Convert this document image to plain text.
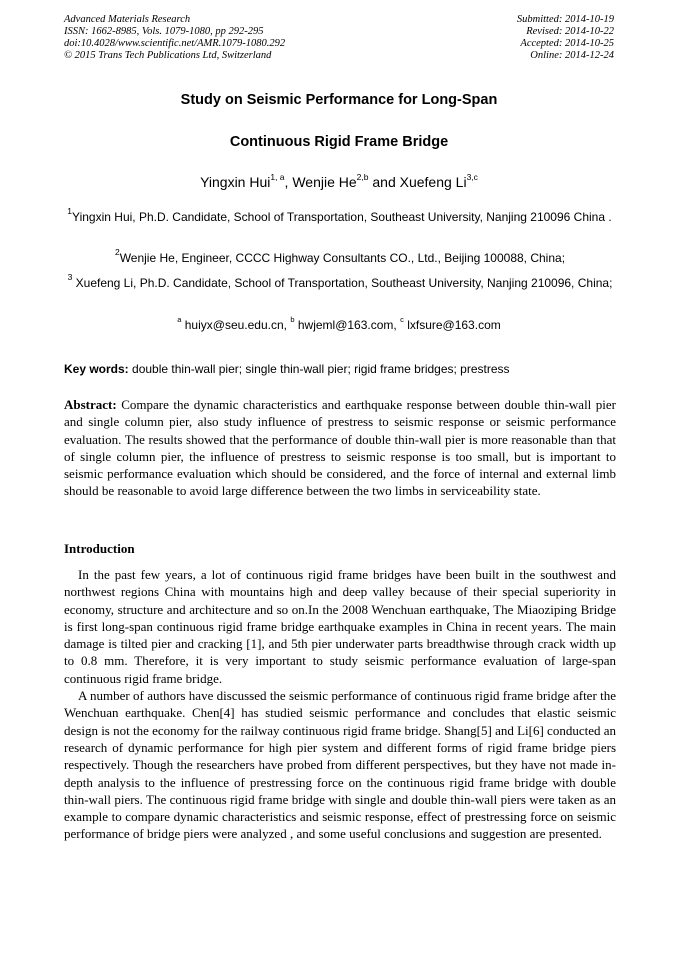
Advanced Materials Research
ISSN: 1662-8985, Vols. 1079-1080, pp 292-295
doi:10.4028/www.scientific.net/AMR.1079-1080.292
© 2015 Trans Tech Publications Ltd, Switzerland
Submitted: 2014-10-19
Revised: 2014-10-22
Accepted: 2014-10-25
Online: 2014-12-24
Study on Seismic Performance for Long-Span
Continuous Rigid Frame Bridge
Yingxin Hui$^{1, a}$, Wenjie He$^{2,b}$ and Xuefeng Li$^{3,c}$
$^1$Yingxin Hui, Ph.D. Candidate, School of Transportation, Southeast University, Nanjing 210096 China .
$^2$Wenjie He, Engineer, CCCC Highway Consultants CO., Ltd., Beijing 100088, China;
$^3$ Xuefeng Li, Ph.D. Candidate, School of Transportation, Southeast University, Nanjing 210096, China;
$^a$ huiyx@seu.edu.cn, $^b$ hwjeml@163.com, $^c$ lxfsure@163.com
Key words: double thin-wall pier; single thin-wall pier; rigid frame bridges; prestress
Abstract: Compare the dynamic characteristics and earthquake response between double thin-wall pier and single column pier, also study influence of prestress to seismic response or seismic performance evaluation. The results showed that the performance of double thin-wall pier is more reasonable than that of single column pier, the influence of prestress to seismic response is too small, but is important to seismic performance evaluation which should be considered, and the force of internal and external limb should be reasonable to avoid large difference between the two limbs in serviceability state.
Introduction

In the past few years, a lot of continuous rigid frame bridges have been built in the southwest and northwest regions China with mountains high and deep valley because of their special superiority in economy, structure and architecture and so on.In the 2008 Wenchuan earthquake, The Miaoziping Bridge is first long-span continuous rigid frame bridge earthquake examples in China in recent years. The main damage is tilted pier and cracking [1], and 5th pier underwater parts breadthwise through crack width up to 0.8 mm. Therefore, it is very important to study seismic performance evaluation of large-span continuous rigid frame bridge.

A number of authors have discussed the seismic performance of continuous rigid frame bridge after the Wenchuan earthquake. Chen[4] has studied seismic performance and concludes that elastic seismic design is not the economy for the railway continuous rigid frame bridge. Shang[5] and Li[6] conducted an research of dynamic performance for high pier system and different forms of rigid frame bridge piers respectively. Though the researchers have probed from different perspectives, but they have not made in-depth analysis to the influence of prestressing force on the continuous rigid frame bridge with double thin-wall piers. The continuous rigid frame bridge with single and double thin-wall piers were taken as an example to compare dynamic characteristics and seismic response, effect of prestressing force on seismic performance of bridge piers were analyzed , and some useful conclusions and suggestion are presented.
